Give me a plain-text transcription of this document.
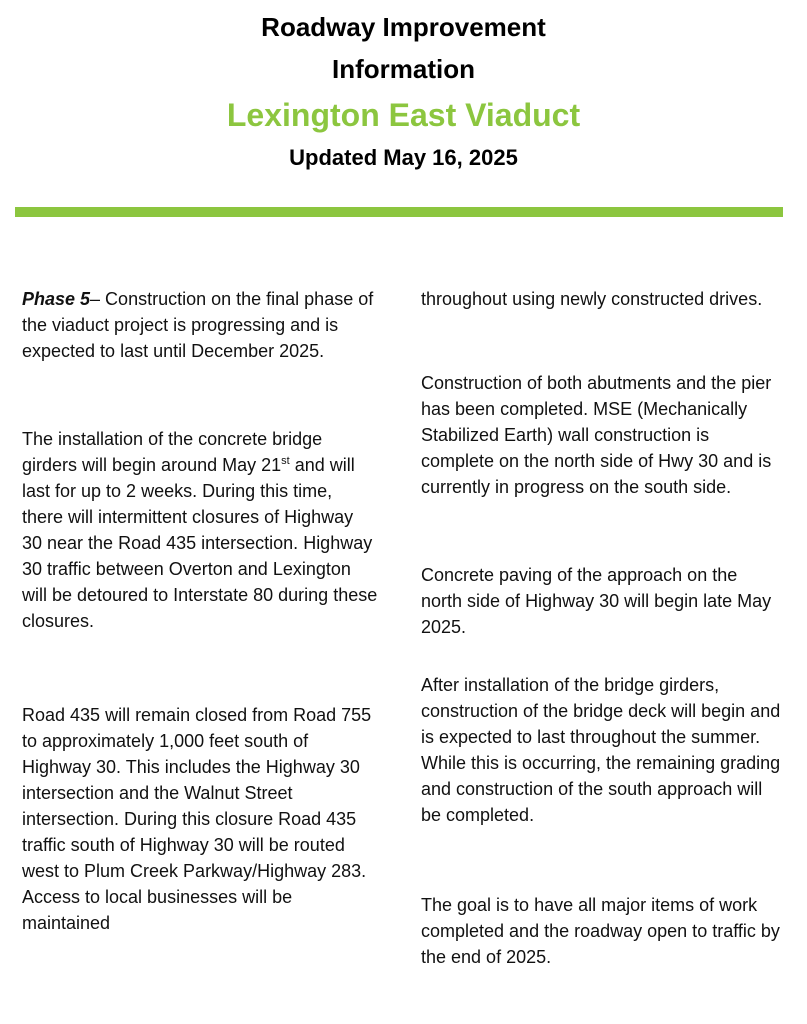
Roadway Improvement
Information
Lexington East Viaduct
Updated May 16, 2025

Phase 5– Construction on the final phase of the viaduct project is progressing and is expected to last until December 2025.

The installation of the concrete bridge girders will begin around May 21st and will last for up to 2 weeks. During this time, there will intermittent closures of Highway 30 near the Road 435 intersection. Highway 30 traffic between Overton and Lexington will be detoured to Interstate 80 during these closures.

Road 435 will remain closed from Road 755 to approximately 1,000 feet south of Highway 30. This includes the Highway 30 intersection and the Walnut Street intersection. During this closure Road 435 traffic south of Highway 30 will be routed west to Plum Creek Parkway/Highway 283. Access to local businesses will be maintained

throughout using newly constructed drives.

Construction of both abutments and the pier has been completed. MSE (Mechanically Stabilized Earth) wall construction is complete on the north side of Hwy 30 and is currently in progress on the south side.

Concrete paving of the approach on the north side of Highway 30 will begin late May 2025.

After installation of the bridge girders, construction of the bridge deck will begin and is expected to last throughout the summer. While this is occurring, the remaining grading and construction of the south approach will be completed.

The goal is to have all major items of work completed and the roadway open to traffic by the end of 2025.
